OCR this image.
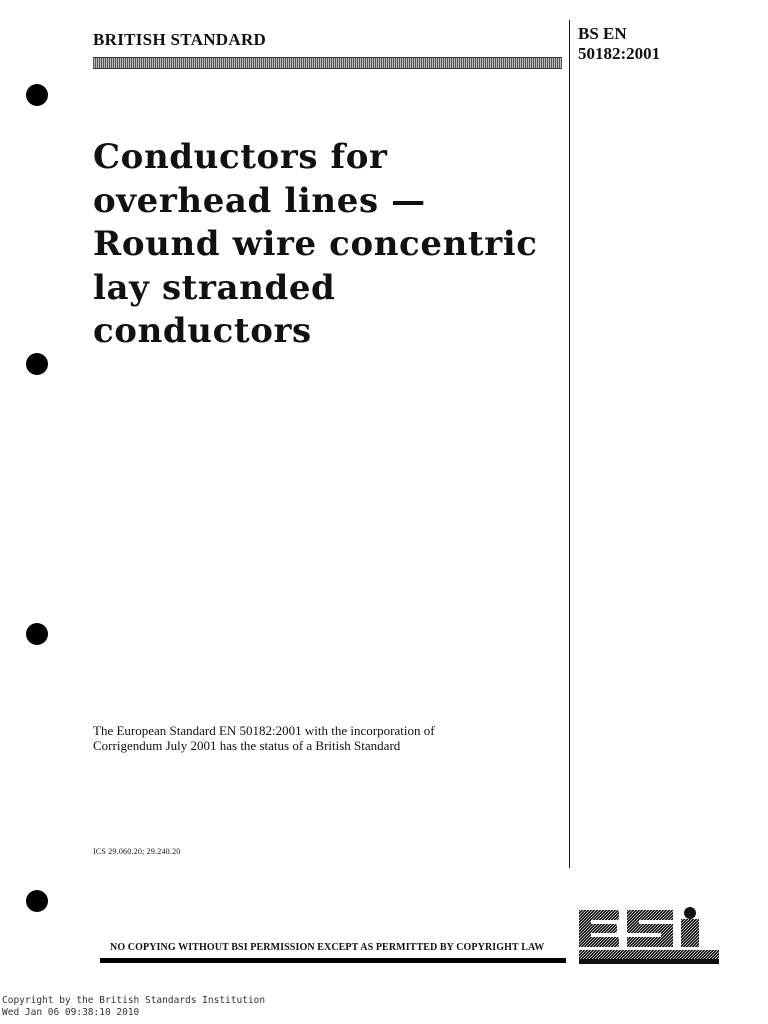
BRITISH STANDARD	BS EN
50182:2001
Conductors for
overhead lines —
Round wire concentric
lay stranded
conductors
The European Standard EN 50182:2001 with the incorporation of
Corrigendum July 2001 has the status of a British Standard
ICS 29.060.20; 29.240.20
NO COPYING WITHOUT BSI PERMISSION EXCEPT AS PERMITTED BY COPYRIGHT LAW
Copyright by the British Standards Institution
Wed Jan 06 09:38:10 2010
